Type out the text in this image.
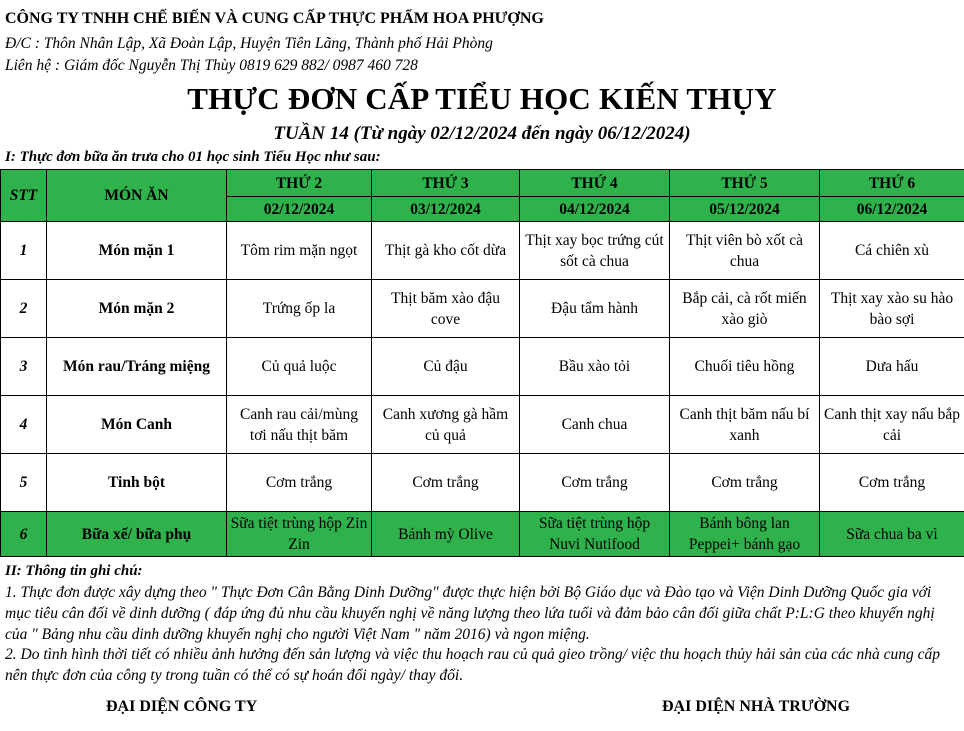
CÔNG TY TNHH CHẾ BIẾN VÀ CUNG CẤP THỰC PHẨM HOA PHƯỢNG
Đ/C : Thôn Nhân Lập, Xã Đoàn Lập, Huyện Tiên Lãng, Thành phố Hải Phòng
Liên hệ : Giám đốc Nguyễn Thị Thùy 0819 629 882/ 0987 460 728
THỰC ĐƠN CẤP TIỂU HỌC KIẾN THỤY
TUẦN 14 (Từ ngày 02/12/2024 đến ngày 06/12/2024)
I: Thực đơn bữa ăn trưa cho 01 học sinh Tiểu Học như sau:
STT	MÓN ĂN	THỨ 2	THỨ 3	THỨ 4	THỨ 5	THỨ 6
		02/12/2024	03/12/2024	04/12/2024	05/12/2024	06/12/2024
1	Món mặn 1	Tôm rim mặn ngọt	Thịt gà kho cốt dừa	Thịt xay bọc trứng cút sốt cà chua	Thịt viên bò xốt cà chua	Cá chiên xù
2	Món mặn 2	Trứng ốp la	Thịt băm xào đậu cove	Đậu tẩm hành	Bắp cải, cà rốt miến xào giò	Thịt xay xào su hào bào sợi
3	Món rau/Tráng miệng	Củ quả luộc	Củ đậu	Bầu xào tỏi	Chuối tiêu hồng	Dưa hấu
4	Món Canh	Canh rau cải/mùng tơi nấu thịt băm	Canh xương gà hầm củ quả	Canh chua	Canh thịt băm nấu bí xanh	Canh thịt xay nấu bắp cải
5	Tinh bột	Cơm trắng	Cơm trắng	Cơm trắng	Cơm trắng	Cơm trắng
6	Bữa xế/ bữa phụ	Sữa tiệt trùng hộp Zin Zin	Bánh mỳ Olive	Sữa tiệt trùng hộp Nuvi Nutifood	Bánh bông lan Peppei+ bánh gạo	Sữa chua ba vì
II: Thông tin ghi chú:
1. Thực đơn được xây dựng theo " Thực Đơn Cân Bằng Dinh Dưỡng" được thực hiện bởi Bộ Giáo dục và Đào tạo và Viện Dinh Dưỡng Quốc gia với mục tiêu cân đối về dinh dưỡng ( đáp ứng đủ nhu cầu khuyến nghị về năng lượng theo lứa tuổi và đảm bảo cân đối giữa chất P:L:G theo khuyến nghị của " Bảng nhu cầu dinh dưỡng khuyến nghị cho người Việt Nam " năm 2016) và ngon miệng.
2. Do tình hình thời tiết có nhiều ảnh hưởng đến sản lượng và việc thu hoạch rau củ quả gieo trồng/ việc thu hoạch thủy hải sản của các nhà cung cấp nên thực đơn của công ty trong tuần có thể có sự hoán đổi ngày/ thay đổi.
ĐẠI DIỆN CÔNG TY	ĐẠI DIỆN NHÀ TRƯỜNG
